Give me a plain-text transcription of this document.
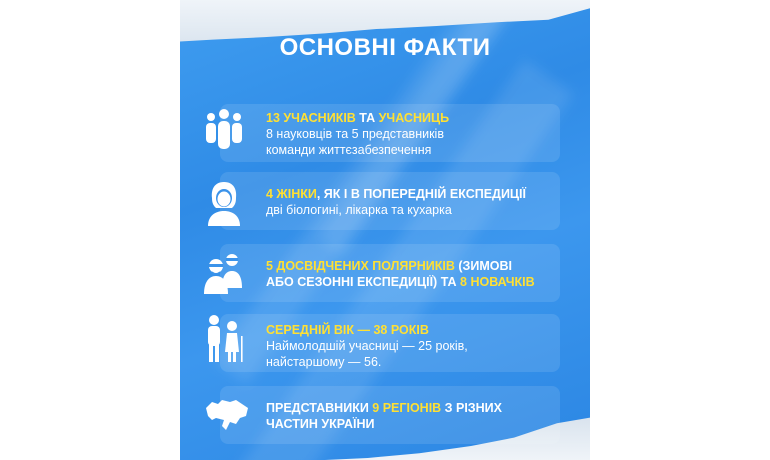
ОСНОВНІ ФАКТИ
13 УЧАСНИКІВ ТА УЧАСНИЦЬ
8 науковців та 5 представників
команди життєзабезпечення
4 ЖІНКИ, ЯК І В ПОПЕРЕДНІЙ ЕКСПЕДИЦІЇ
дві біологині, лікарка та кухарка
5 ДОСВІДЧЕНИХ ПОЛЯРНИКІВ (ЗИМОВІ
АБО СЕЗОННІ ЕКСПЕДИЦІЇ) ТА 8 НОВАЧКІВ
СЕРЕДНІЙ ВІК — 38 РОКІВ
Наймолодшій учасниці — 25 років,
найстаршому — 56.
ПРЕДСТАВНИКИ 9 РЕГІОНІВ З РІЗНИХ
ЧАСТИН УКРАЇНИ
